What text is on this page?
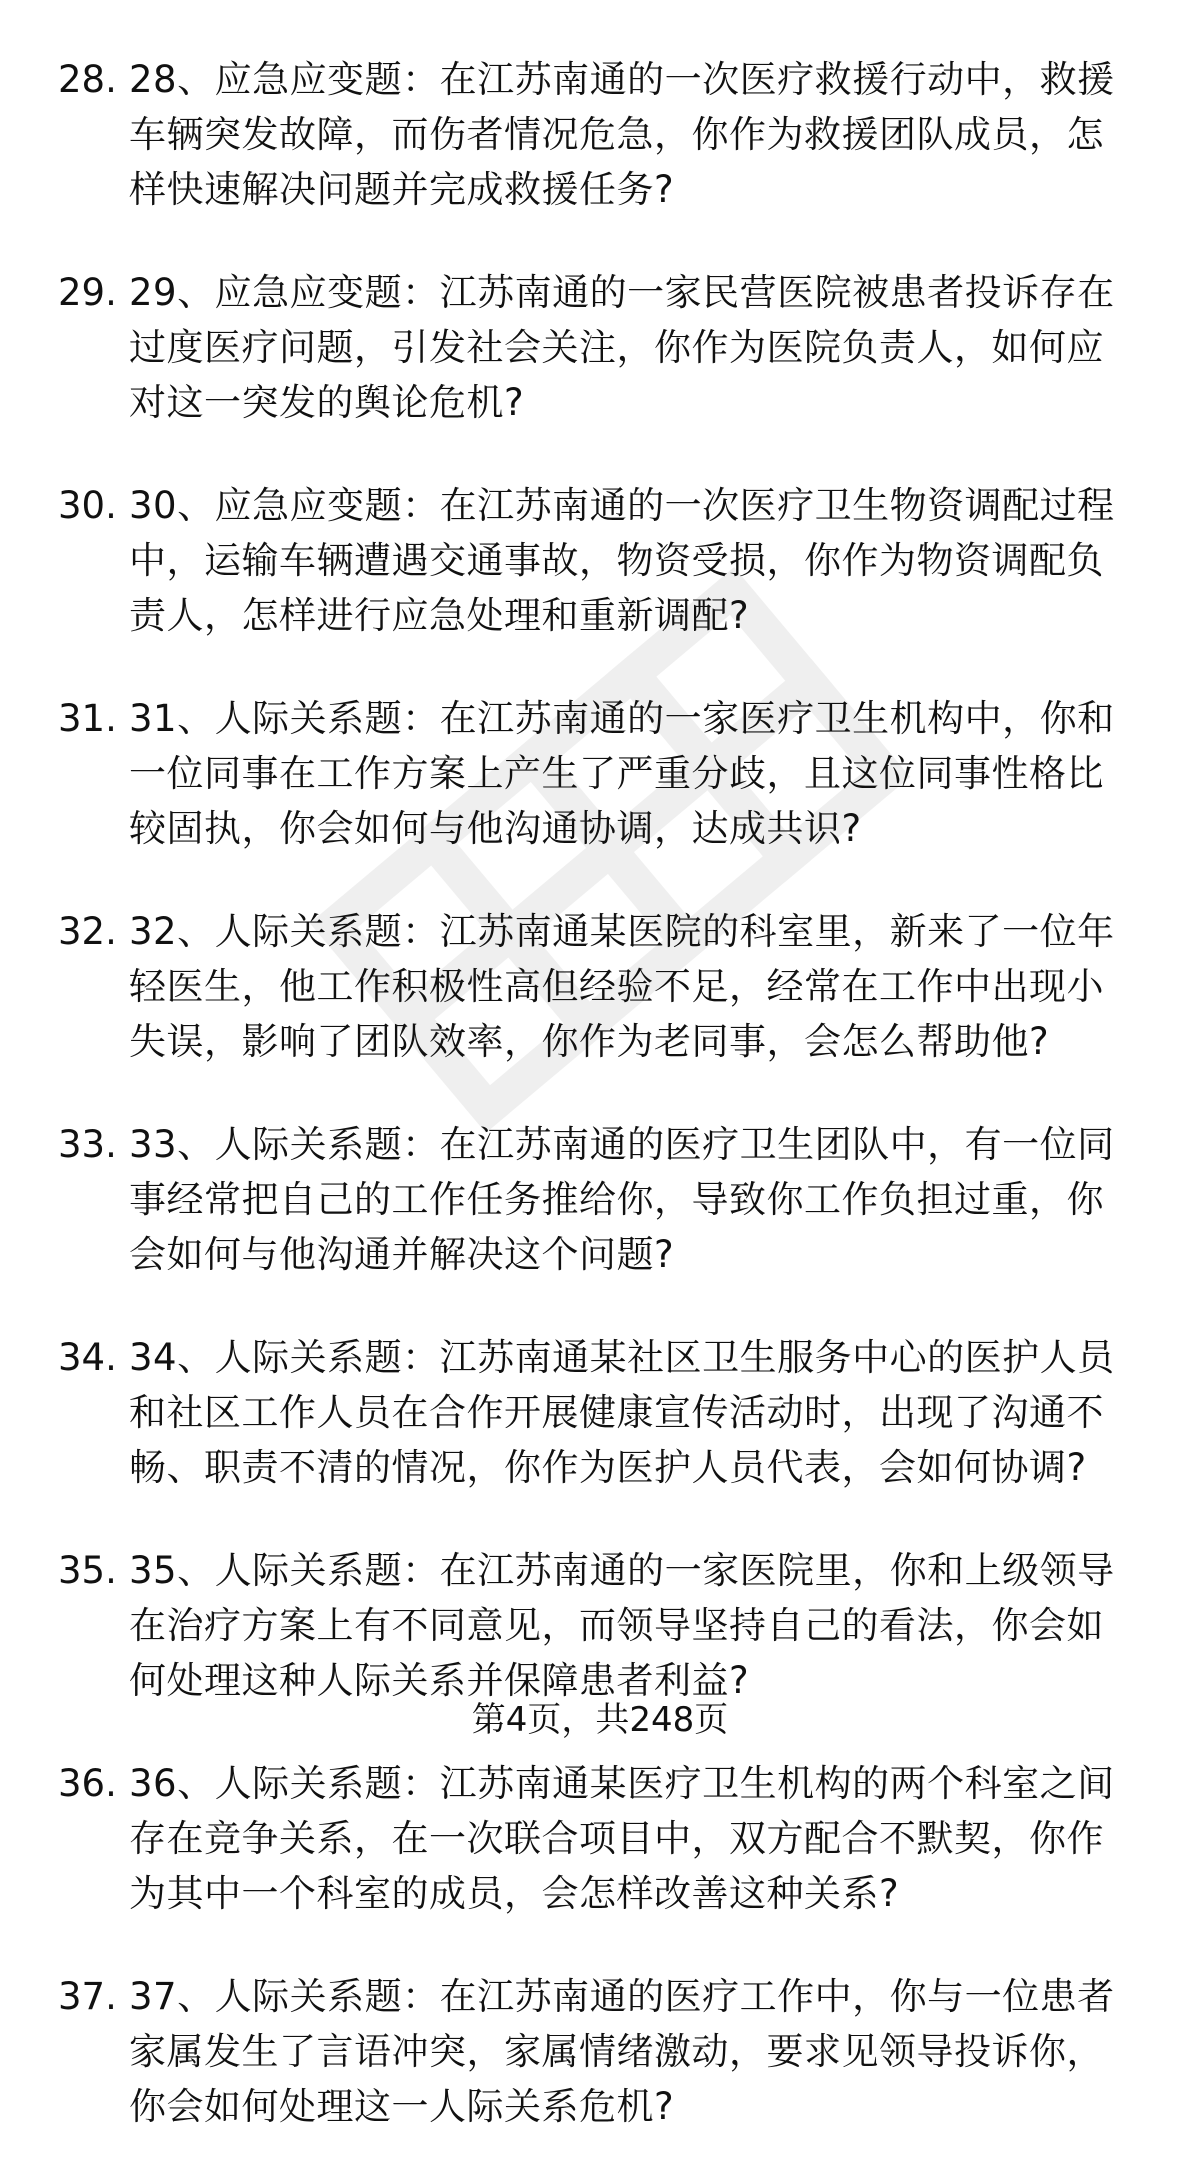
28. 28、应急应变题：在江苏南通的一次医疗救援行动中，救援车辆突发故障，而伤者情况危急，你作为救援团队成员，怎样快速解决问题并完成救援任务?
29. 29、应急应变题：江苏南通的一家民营医院被患者投诉存在过度医疗问题，引发社会关注，你作为医院负责人，如何应对这一突发的舆论危机?
30. 30、应急应变题：在江苏南通的一次医疗卫生物资调配过程中，运输车辆遭遇交通事故，物资受损，你作为物资调配负责人，怎样进行应急处理和重新调配?
31. 31、人际关系题：在江苏南通的一家医疗卫生机构中，你和一位同事在工作方案上产生了严重分歧，且这位同事性格比较固执，你会如何与他沟通协调，达成共识?
32. 32、人际关系题：江苏南通某医院的科室里，新来了一位年轻医生，他工作积极性高但经验不足，经常在工作中出现小失误，影响了团队效率，你作为老同事，会怎么帮助他?
33. 33、人际关系题：在江苏南通的医疗卫生团队中，有一位同事经常把自己的工作任务推给你，导致你工作负担过重，你会如何与他沟通并解决这个问题?
34. 34、人际关系题：江苏南通某社区卫生服务中心的医护人员和社区工作人员在合作开展健康宣传活动时，出现了沟通不畅、职责不清的情况，你作为医护人员代表，会如何协调?
35. 35、人际关系题：在江苏南通的一家医院里，你和上级领导在治疗方案上有不同意见，而领导坚持自己的看法，你会如何处理这种人际关系并保障患者利益?
36. 36、人际关系题：江苏南通某医疗卫生机构的两个科室之间存在竞争关系，在一次联合项目中，双方配合不默契，你作为其中一个科室的成员，会怎样改善这种关系?
37. 37、人际关系题：在江苏南通的医疗工作中，你与一位患者家属发生了言语冲突，家属情绪激动，要求见领导投诉你，你会如何处理这一人际关系危机?
第4页，共248页
